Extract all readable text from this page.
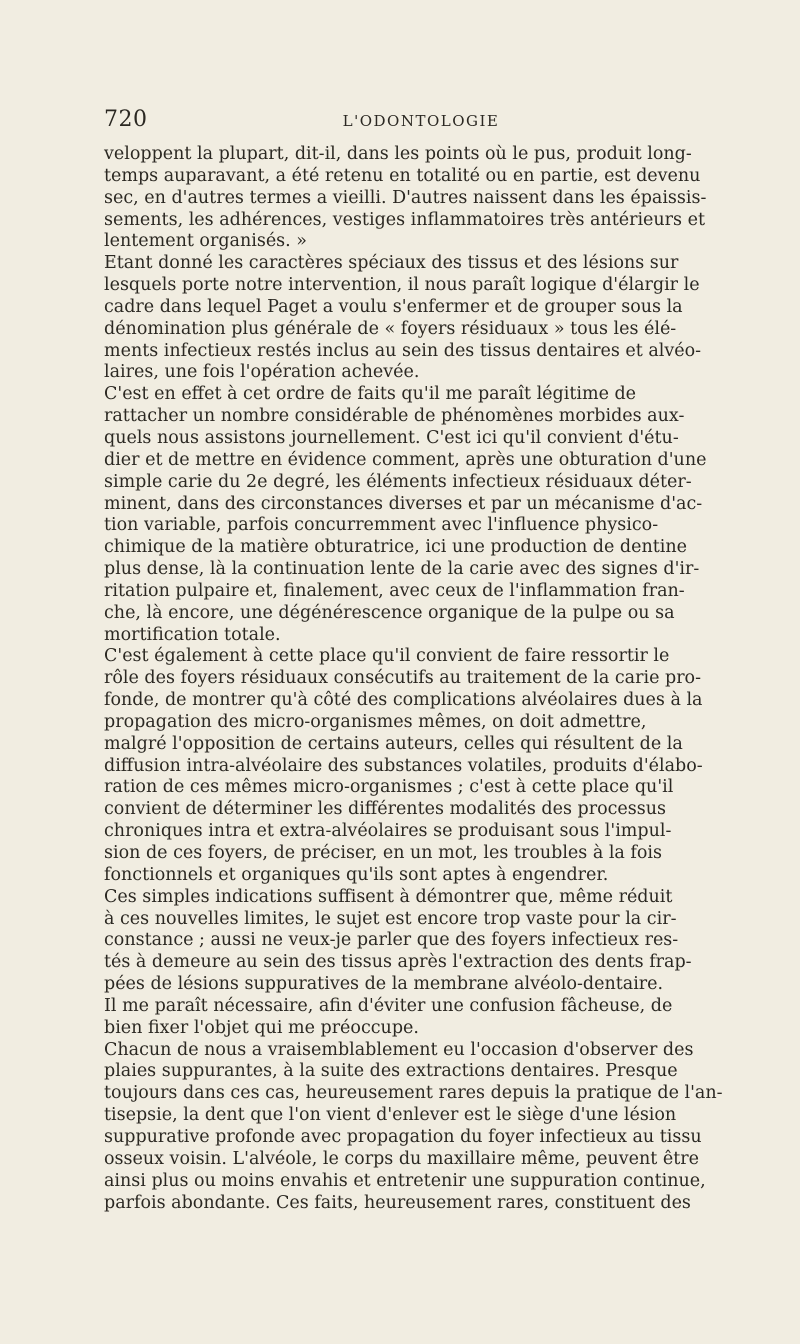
720	L'ODONTOLOGIE

veloppent la plupart, dit-il, dans les points où le pus, produit long-
temps auparavant, a été retenu en totalité ou en partie, est devenu
sec, en d'autres termes a vieilli. D'autres naissent dans les épaissis-
sements, les adhérences, vestiges inflammatoires très antérieurs et
lentement organisés. »

Etant donné les caractères spéciaux des tissus et des lésions sur
lesquels porte notre intervention, il nous paraît logique d'élargir le
cadre dans lequel Paget a voulu s'enfermer et de grouper sous la
dénomination plus générale de « foyers résiduaux » tous les élé-
ments infectieux restés inclus au sein des tissus dentaires et alvéo-
laires, une fois l'opération achevée.

C'est en effet à cet ordre de faits qu'il me paraît légitime de
rattacher un nombre considérable de phénomènes morbides aux-
quels nous assistons journellement. C'est ici qu'il convient d'étu-
dier et de mettre en évidence comment, après une obturation d'une
simple carie du 2e degré, les éléments infectieux résiduaux déter-
minent, dans des circonstances diverses et par un mécanisme d'ac-
tion variable, parfois concurremment avec l'influence physico-
chimique de la matière obturatrice, ici une production de dentine
plus dense, là la continuation lente de la carie avec des signes d'ir-
ritation pulpaire et, finalement, avec ceux de l'inflammation fran-
che, là encore, une dégénérescence organique de la pulpe ou sa
mortification totale.

C'est également à cette place qu'il convient de faire ressortir le
rôle des foyers résiduaux consécutifs au traitement de la carie pro-
fonde, de montrer qu'à côté des complications alvéolaires dues à la
propagation des micro-organismes mêmes, on doit admettre,
malgré l'opposition de certains auteurs, celles qui résultent de la
diffusion intra-alvéolaire des substances volatiles, produits d'élabo-
ration de ces mêmes micro-organismes ; c'est à cette place qu'il
convient de déterminer les différentes modalités des processus
chroniques intra et extra-alvéolaires se produisant sous l'impul-
sion de ces foyers, de préciser, en un mot, les troubles à la fois
fonctionnels et organiques qu'ils sont aptes à engendrer.

Ces simples indications suffisent à démontrer que, même réduit
à ces nouvelles limites, le sujet est encore trop vaste pour la cir-
constance ; aussi ne veux-je parler que des foyers infectieux res-
tés à demeure au sein des tissus après l'extraction des dents frap-
pées de lésions suppuratives de la membrane alvéolo-dentaire.

Il me paraît nécessaire, afin d'éviter une confusion fâcheuse, de
bien fixer l'objet qui me préoccupe.

Chacun de nous a vraisemblablement eu l'occasion d'observer des
plaies suppurantes, à la suite des extractions dentaires. Presque
toujours dans ces cas, heureusement rares depuis la pratique de l'an-
tisepsie, la dent que l'on vient d'enlever est le siège d'une lésion
suppurative profonde avec propagation du foyer infectieux au tissu
osseux voisin. L'alvéole, le corps du maxillaire même, peuvent être
ainsi plus ou moins envahis et entretenir une suppuration continue,
parfois abondante. Ces faits, heureusement rares, constituent des
